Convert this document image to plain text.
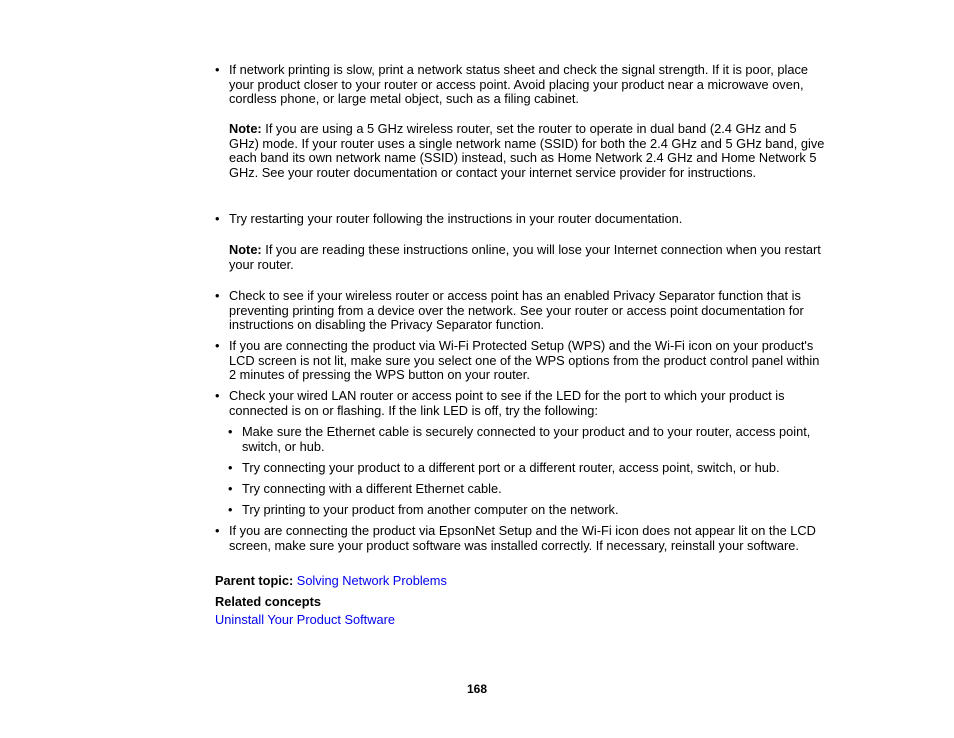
• If network printing is slow, print a network status sheet and check the signal strength. If it is poor, place your product closer to your router or access point. Avoid placing your product near a microwave oven, cordless phone, or large metal object, such as a filing cabinet.
Note: If you are using a 5 GHz wireless router, set the router to operate in dual band (2.4 GHz and 5 GHz) mode. If your router uses a single network name (SSID) for both the 2.4 GHz and 5 GHz band, give each band its own network name (SSID) instead, such as Home Network 2.4 GHz and Home Network 5 GHz. See your router documentation or contact your internet service provider for instructions.
• Try restarting your router following the instructions in your router documentation.
Note: If you are reading these instructions online, you will lose your Internet connection when you restart your router.
• Check to see if your wireless router or access point has an enabled Privacy Separator function that is preventing printing from a device over the network. See your router or access point documentation for instructions on disabling the Privacy Separator function.
• If you are connecting the product via Wi-Fi Protected Setup (WPS) and the Wi-Fi icon on your product's LCD screen is not lit, make sure you select one of the WPS options from the product control panel within 2 minutes of pressing the WPS button on your router.
• Check your wired LAN router or access point to see if the LED for the port to which your product is connected is on or flashing. If the link LED is off, try the following:
• Make sure the Ethernet cable is securely connected to your product and to your router, access point, switch, or hub.
• Try connecting your product to a different port or a different router, access point, switch, or hub.
• Try connecting with a different Ethernet cable.
• Try printing to your product from another computer on the network.
• If you are connecting the product via EpsonNet Setup and the Wi-Fi icon does not appear lit on the LCD screen, make sure your product software was installed correctly. If necessary, reinstall your software.
Parent topic: Solving Network Problems
Related concepts
Uninstall Your Product Software
168
